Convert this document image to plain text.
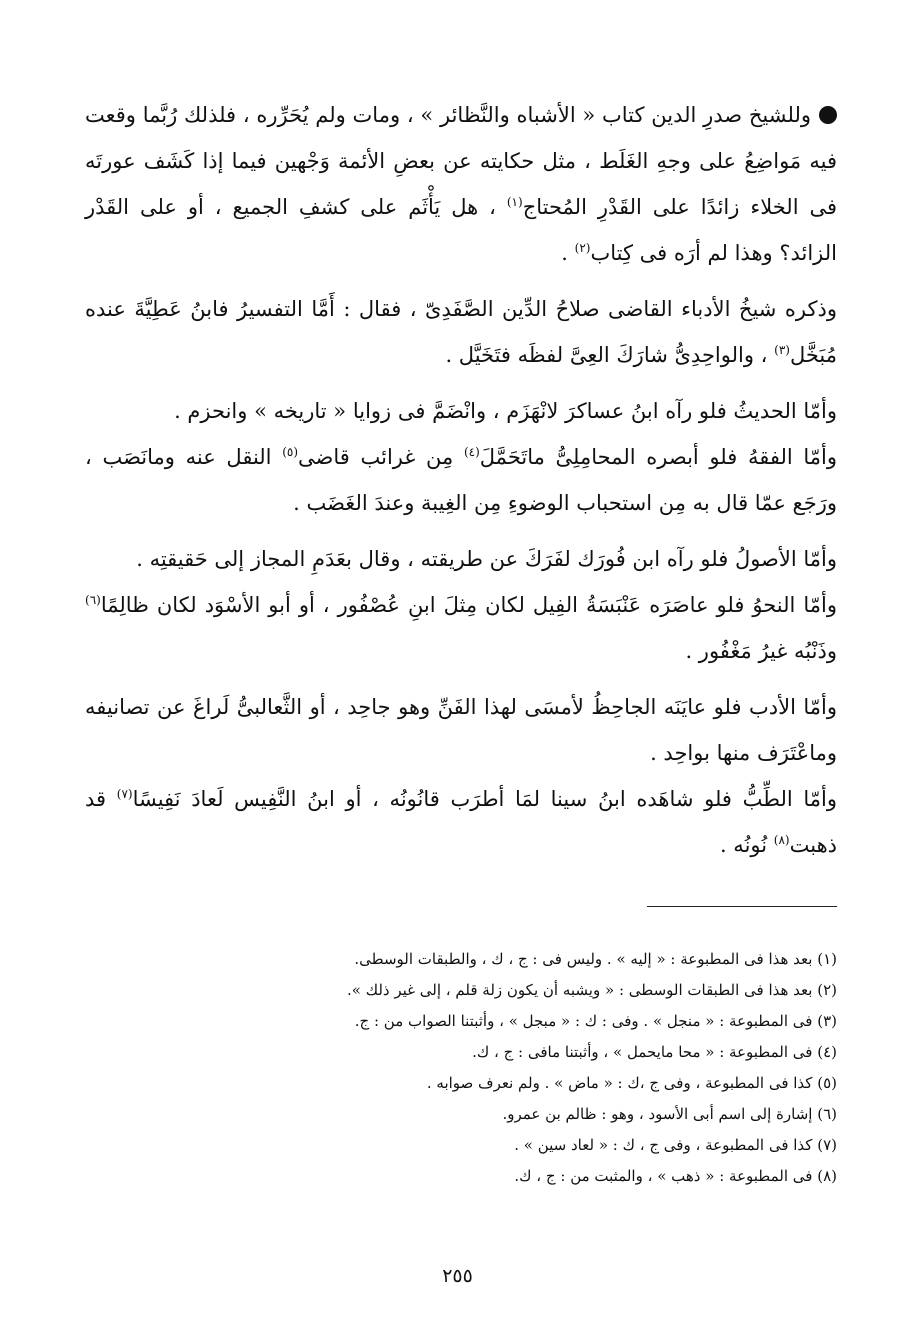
وللشيخ صدرِ الدين كتاب « الأشباه والنَّظائر » ، ومات ولم يُحَرِّره ، فلذلك رُبَّما وقعت فيه مَواضِعُ على وجهِ الغَلَط ، مثل حكايته عن بعضِ الأئمة وَجْهين فيما إذا كَشَف عورتَه فى الخلاء زائدًا على القَدْرِ المُحتاج$^{(١)}$ ، هل يَأْثَم على كشفِ الجميع ، أو على القَدْر الزائد؟ وهذا لم أرَه فى كِتاب$^{(٢)}$ .

وذكره شيخُ الأدباء القاضى صلاحُ الدِّين الصَّفَدِىّ ، فقال : أَمَّا التفسيرُ فابنُ عَطِيَّةَ عنده مُبَخَّل$^{(٣)}$ ، والواحِدِىُّ شارَكَ العِىَّ لفظَه فتَخَيَّل .

وأمّا الحديثُ فلو رآه ابنُ عساكرَ لانْهَزَم ، وانْضَمَّ فى زوايا « تاريخه » وانحزم .

وأمّا الفقهُ فلو أبصره المحامِلِىُّ ماتَحَمَّلَ$^{(٤)}$ مِن غرائب قاضى$^{(٥)}$ النقل عنه ومانَصَب ، ورَجَع عمّا قال به مِن استحباب الوضوءِ مِن الغِيبة وعندَ الغَضَب .

وأمّا الأصولُ فلو رآه ابن فُورَك لفَرَكَ عن طريقته ، وقال بعَدَمِ المجاز إلى حَقيقتِه .

وأمّا النحوُ فلو عاصَرَه عَنْبَسَةُ الفِيل لكان مِثلَ ابنِ عُصْفُور ، أو أبو الأسْوَد لكان ظالِمًا$^{(٦)}$ وذَنْبُه غيرُ مَغْفُور .

وأمّا الأدب فلو عايَنَه الجاحِظُ لأمسَى لهذا الفَنِّ وهو جاحِد ، أو الثَّعالبىُّ لَراغَ عن تصانيفه وماعْتَرَف منها بواحِد .

وأمّا الطِّبُّ فلو شاهَده ابنُ سينا لمَا أطرَب قانُونُه ، أو ابنُ النَّفِيس لَعادَ نَفِيسًا$^{(٧)}$ قد ذهبت$^{(٨)}$ نُونُه .

(١) بعد هذا فى المطبوعة : « إليه » . وليس فى : ج ، ك ، والطبقات الوسطى.
(٢) بعد هذا فى الطبقات الوسطى : « ويشبه أن يكون زلة قلم ، إلى غير ذلك ».
(٣) فى المطبوعة : « منجل » . وفى : ك : « مبجل » ، وأثبتنا الصواب من : ج.
(٤) فى المطبوعة : « محا مايحمل » ، وأثبتنا مافى : ج ، ك.
(٥) كذا فى المطبوعة ، وفى ج ،ك : « ماض » . ولم نعرف صوابه .
(٦) إشارة إلى اسم أبى الأسود ، وهو : ظالم بن عمرو.
(٧) كذا فى المطبوعة ، وفى ج ، ك : « لعاد سين » .
(٨) فى المطبوعة : « ذهب » ، والمثبت من : ج ، ك.
٢٥٥
